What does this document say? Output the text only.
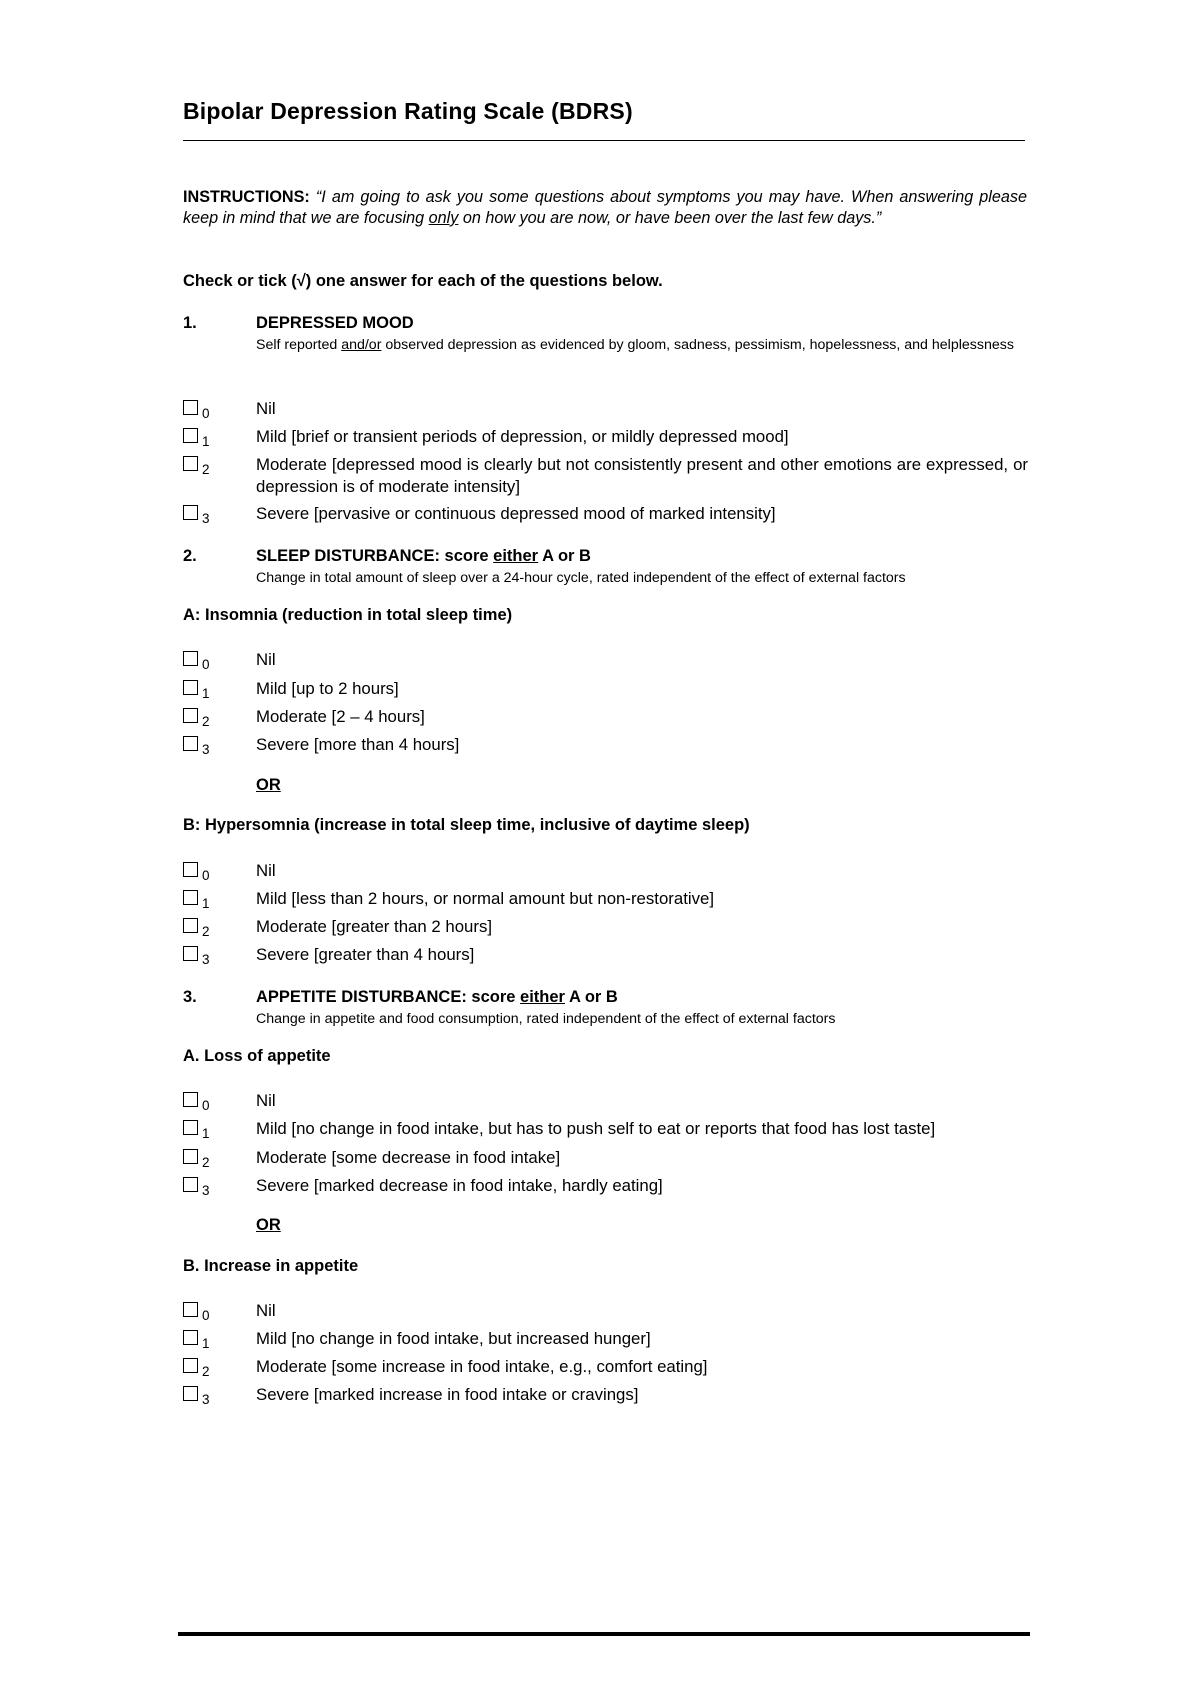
Bipolar Depression Rating Scale (BDRS)
INSTRUCTIONS: “I am going to ask you some questions about symptoms you may have. When answering please keep in mind that we are focusing only on how you are now, or have been over the last few days.”
Check or tick (√) one answer for each of the questions below.
1.	DEPRESSED MOOD
Self reported and/or observed depression as evidenced by gloom, sadness, pessimism, hopelessness, and helplessness
0	Nil
1	Mild [brief or transient periods of depression, or mildly depressed mood]
2	Moderate [depressed mood is clearly but not consistently present and other emotions are expressed, or depression is of moderate intensity]
3	Severe [pervasive or continuous depressed mood of marked intensity]
2.	SLEEP DISTURBANCE: score either A or B
Change in total amount of sleep over a 24-hour cycle, rated independent of the effect of external factors
A: Insomnia (reduction in total sleep time)
0	Nil
1	Mild [up to 2 hours]
2	Moderate [2 – 4 hours]
3	Severe [more than 4 hours]
OR
B: Hypersomnia (increase in total sleep time, inclusive of daytime sleep)
0	Nil
1	Mild [less than 2 hours, or normal amount but non-restorative]
2	Moderate [greater than 2 hours]
3	Severe [greater than 4 hours]
3.	APPETITE DISTURBANCE: score either A or B
Change in appetite and food consumption, rated independent of the effect of external factors
A. Loss of appetite
0	Nil
1	Mild [no change in food intake, but has to push self to eat or reports that food has lost taste]
2	Moderate [some decrease in food intake]
3	Severe [marked decrease in food intake, hardly eating]
OR
B. Increase in appetite
0	Nil
1	Mild [no change in food intake, but increased hunger]
2	Moderate [some increase in food intake, e.g., comfort eating]
3	Severe [marked increase in food intake or cravings]
